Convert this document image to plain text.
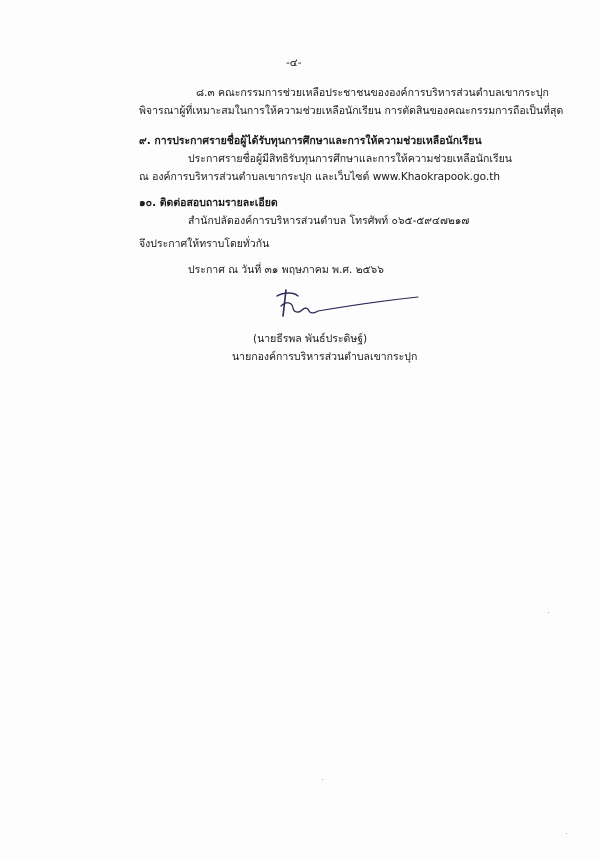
-๔-
๘.๓ คณะกรรมการช่วยเหลือประชาชนขององค์การบริหารส่วนตำบลเขากระปุก
พิจารณาผู้ที่เหมาะสมในการให้ความช่วยเหลือนักเรียน การตัดสินของคณะกรรมการถือเป็นที่สุด
๙. การประกาศรายชื่อผู้ได้รับทุนการศึกษาและการให้ความช่วยเหลือนักเรียน
ประกาศรายชื่อผู้มีสิทธิรับทุนการศึกษาและการให้ความช่วยเหลือนักเรียน
ณ องค์การบริหารส่วนตำบลเขากระปุก และเว็บไซต์ www.Khaokrapook.go.th
๑๐. ติดต่อสอบถามรายละเอียด
สำนักปลัดองค์การบริหารส่วนตำบล โทรศัพท์ ๐๖๕-๕๙๔๗๒๑๗
จึงประกาศให้ทราบโดยทั่วกัน
ประกาศ ณ วันที่ ๓๑ พฤษภาคม พ.ศ. ๒๕๖๖
(นายธีรพล พันธ์ประดิษฐ์)
นายกองค์การบริหารส่วนตำบลเขากระปุก
